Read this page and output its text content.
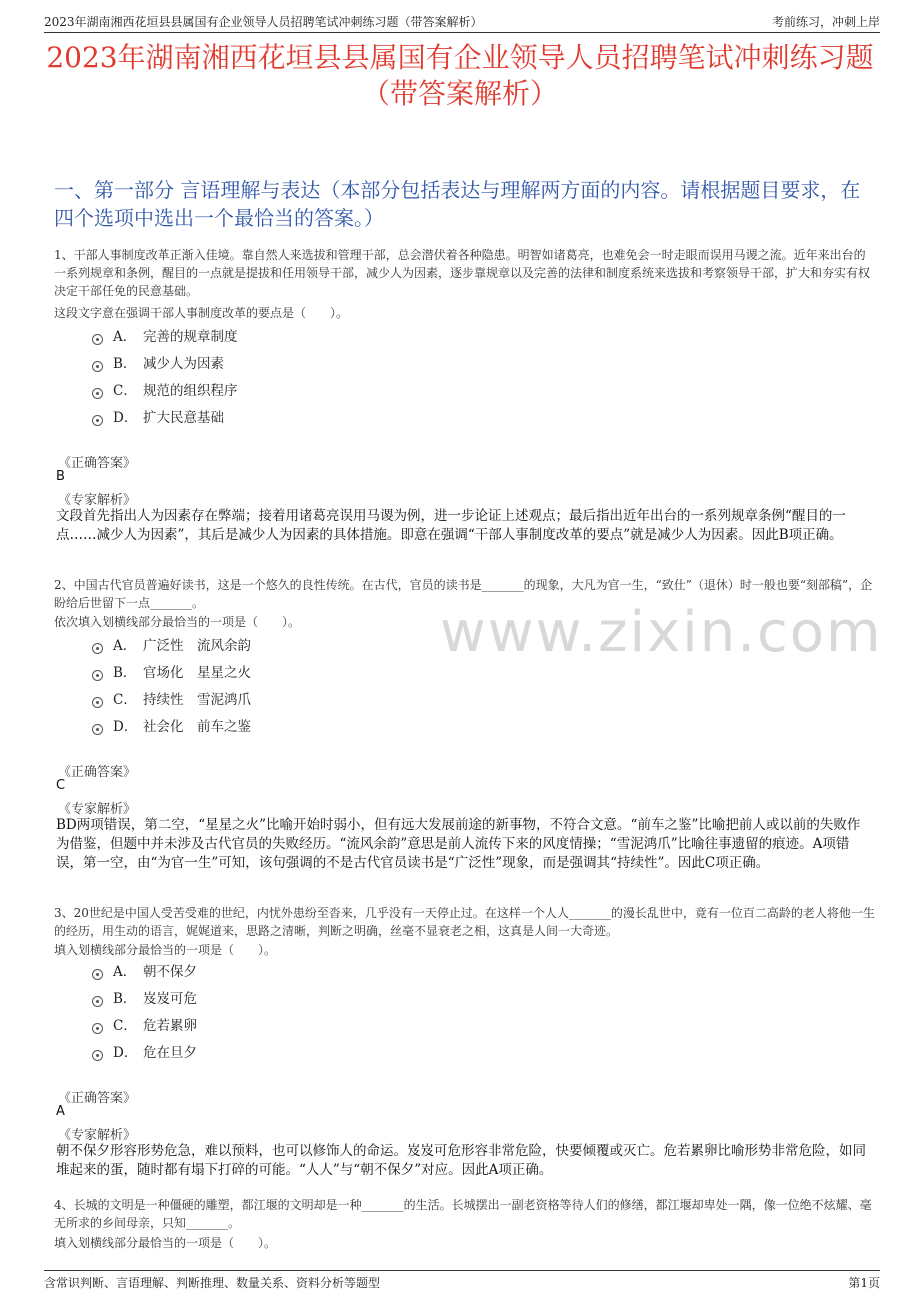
2023年湖南湘西花垣县县属国有企业领导人员招聘笔试冲刺练习题（带答案解析）	考前练习，冲刺上岸
2023年湖南湘西花垣县县属国有企业领导人员招聘笔试冲刺练习题（带答案解析）
一、第一部分 言语理解与表达（本部分包括表达与理解两方面的内容。请根据题目要求，在四个选项中选出一个最恰当的答案。）
www.zixin.com
1、干部人事制度改革正渐入佳境。靠自然人来选拔和管理干部，总会潜伏着各种隐患。明智如诸葛亮，也难免会一时走眼而误用马谡之流。近年来出台的一系列规章和条例，醒目的一点就是提拔和任用领导干部，减少人为因素，逐步靠规章以及完善的法律和制度系统来选拔和考察领导干部，扩大和夯实有权决定干部任免的民意基础。
这段文字意在强调干部人事制度改革的要点是（　　）。
A． 完善的规章制度
B． 减少人为因素
C． 规范的组织程序
D． 扩大民意基础
《正确答案》
B
《专家解析》
文段首先指出人为因素存在弊端；接着用诸葛亮误用马谡为例，进一步论证上述观点；最后指出近年出台的一系列规章条例“醒目的一点……减少人为因素”，其后是减少人为因素的具体措施。即意在强调“干部人事制度改革的要点”就是减少人为因素。因此B项正确。
2、中国古代官员普遍好读书，这是一个悠久的良性传统。在古代，官员的读书是_______的现象，大凡为官一生，“致仕”（退休）时一般也要“刻部稿”，企盼给后世留下一点_______。
依次填入划横线部分最恰当的一项是（　　）。
A． 广泛性　流风余韵
B． 官场化　星星之火
C． 持续性　雪泥鸿爪
D． 社会化　前车之鉴
《正确答案》
C
《专家解析》
BD两项错误，第二空，“星星之火”比喻开始时弱小，但有远大发展前途的新事物，不符合文意。“前车之鉴”比喻把前人或以前的失败作为借鉴，但题中并未涉及古代官员的失败经历。“流风余韵”意思是前人流传下来的风度情操；“雪泥鸿爪”比喻往事遗留的痕迹。A项错误，第一空，由“为官一生”可知，该句强调的不是古代官员读书是“广泛性”现象，而是强调其“持续性”。因此C项正确。
3、20世纪是中国人受苦受难的世纪，内忧外患纷至沓来，几乎没有一天停止过。在这样一个人人_______的漫长乱世中，竟有一位百二高龄的老人将他一生的经历，用生动的语言，娓娓道来，思路之清晰，判断之明确，丝毫不显衰老之相，这真是人间一大奇迹。
填入划横线部分最恰当的一项是（　　）。
A． 朝不保夕
B． 岌岌可危
C． 危若累卵
D． 危在旦夕
《正确答案》
A
《专家解析》
朝不保夕形容形势危急，难以预料，也可以修饰人的命运。岌岌可危形容非常危险，快要倾覆或灭亡。危若累卵比喻形势非常危险，如同堆起来的蛋，随时都有塌下打碎的可能。“人人”与“朝不保夕”对应。因此A项正确。
4、长城的文明是一种僵硬的雕塑，都江堰的文明却是一种_______的生活。长城摆出一副老资格等待人们的修缮，都江堰却卑处一隅，像一位绝不炫耀、毫无所求的乡间母亲，只知_______。
填入划横线部分最恰当的一项是（　　）。
含常识判断、言语理解、判断推理、数量关系、资料分析等题型	第1页
